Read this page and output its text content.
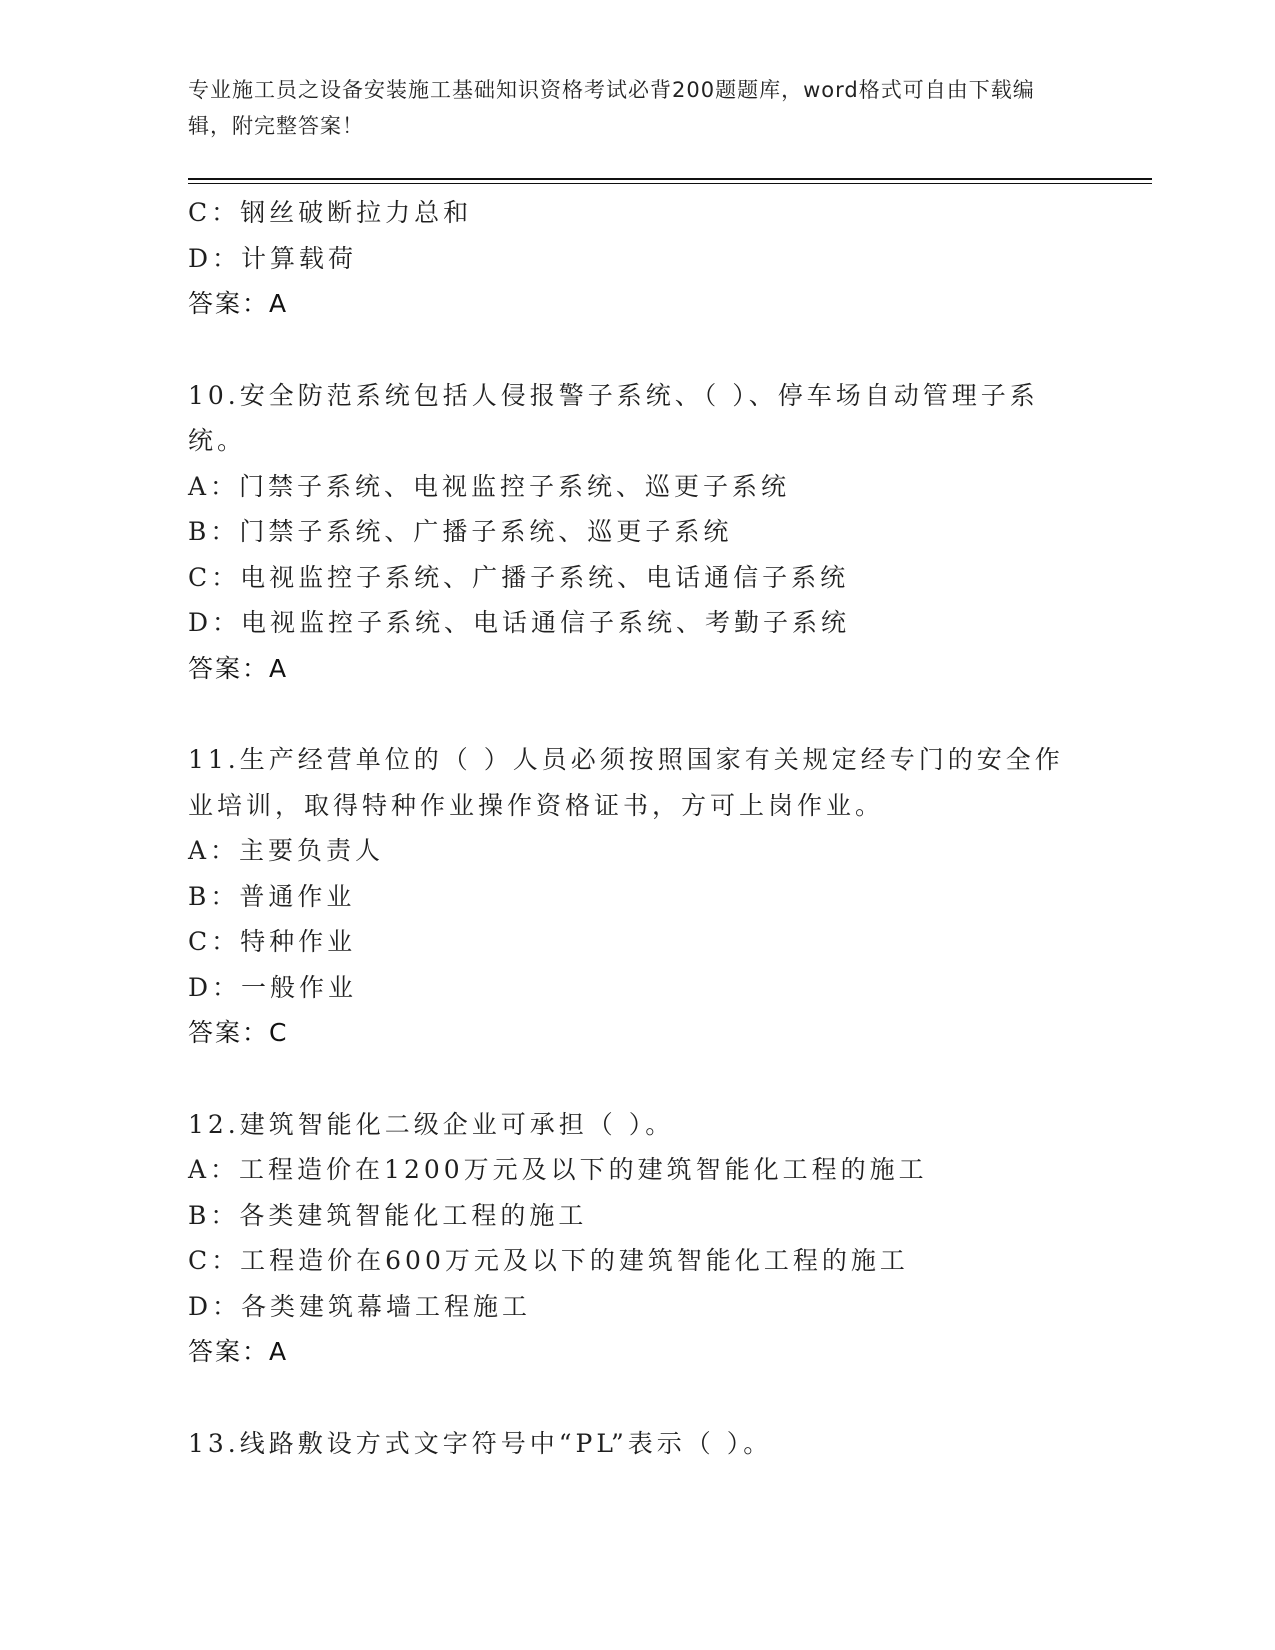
专业施工员之设备安装施工基础知识资格考试必背200题题库，word格式可自由下载编辑，附完整答案！
C：钢丝破断拉力总和
D：计算载荷
答案：A
10.安全防范系统包括人侵报警子系统、（ ）、停车场自动管理子系统。
A：门禁子系统、电视监控子系统、巡更子系统
B：门禁子系统、广播子系统、巡更子系统
C：电视监控子系统、广播子系统、电话通信子系统
D：电视监控子系统、电话通信子系统、考勤子系统
答案：A
11.生产经营单位的（ ）人员必须按照国家有关规定经专门的安全作业培训，取得特种作业操作资格证书，方可上岗作业。
A：主要负责人
B：普通作业
C：特种作业
D：一般作业
答案：C
12.建筑智能化二级企业可承担（ ）。
A：工程造价在1200万元及以下的建筑智能化工程的施工
B：各类建筑智能化工程的施工
C：工程造价在600万元及以下的建筑智能化工程的施工
D：各类建筑幕墙工程施工
答案：A
13.线路敷设方式文字符号中“PL”表示（ ）。
